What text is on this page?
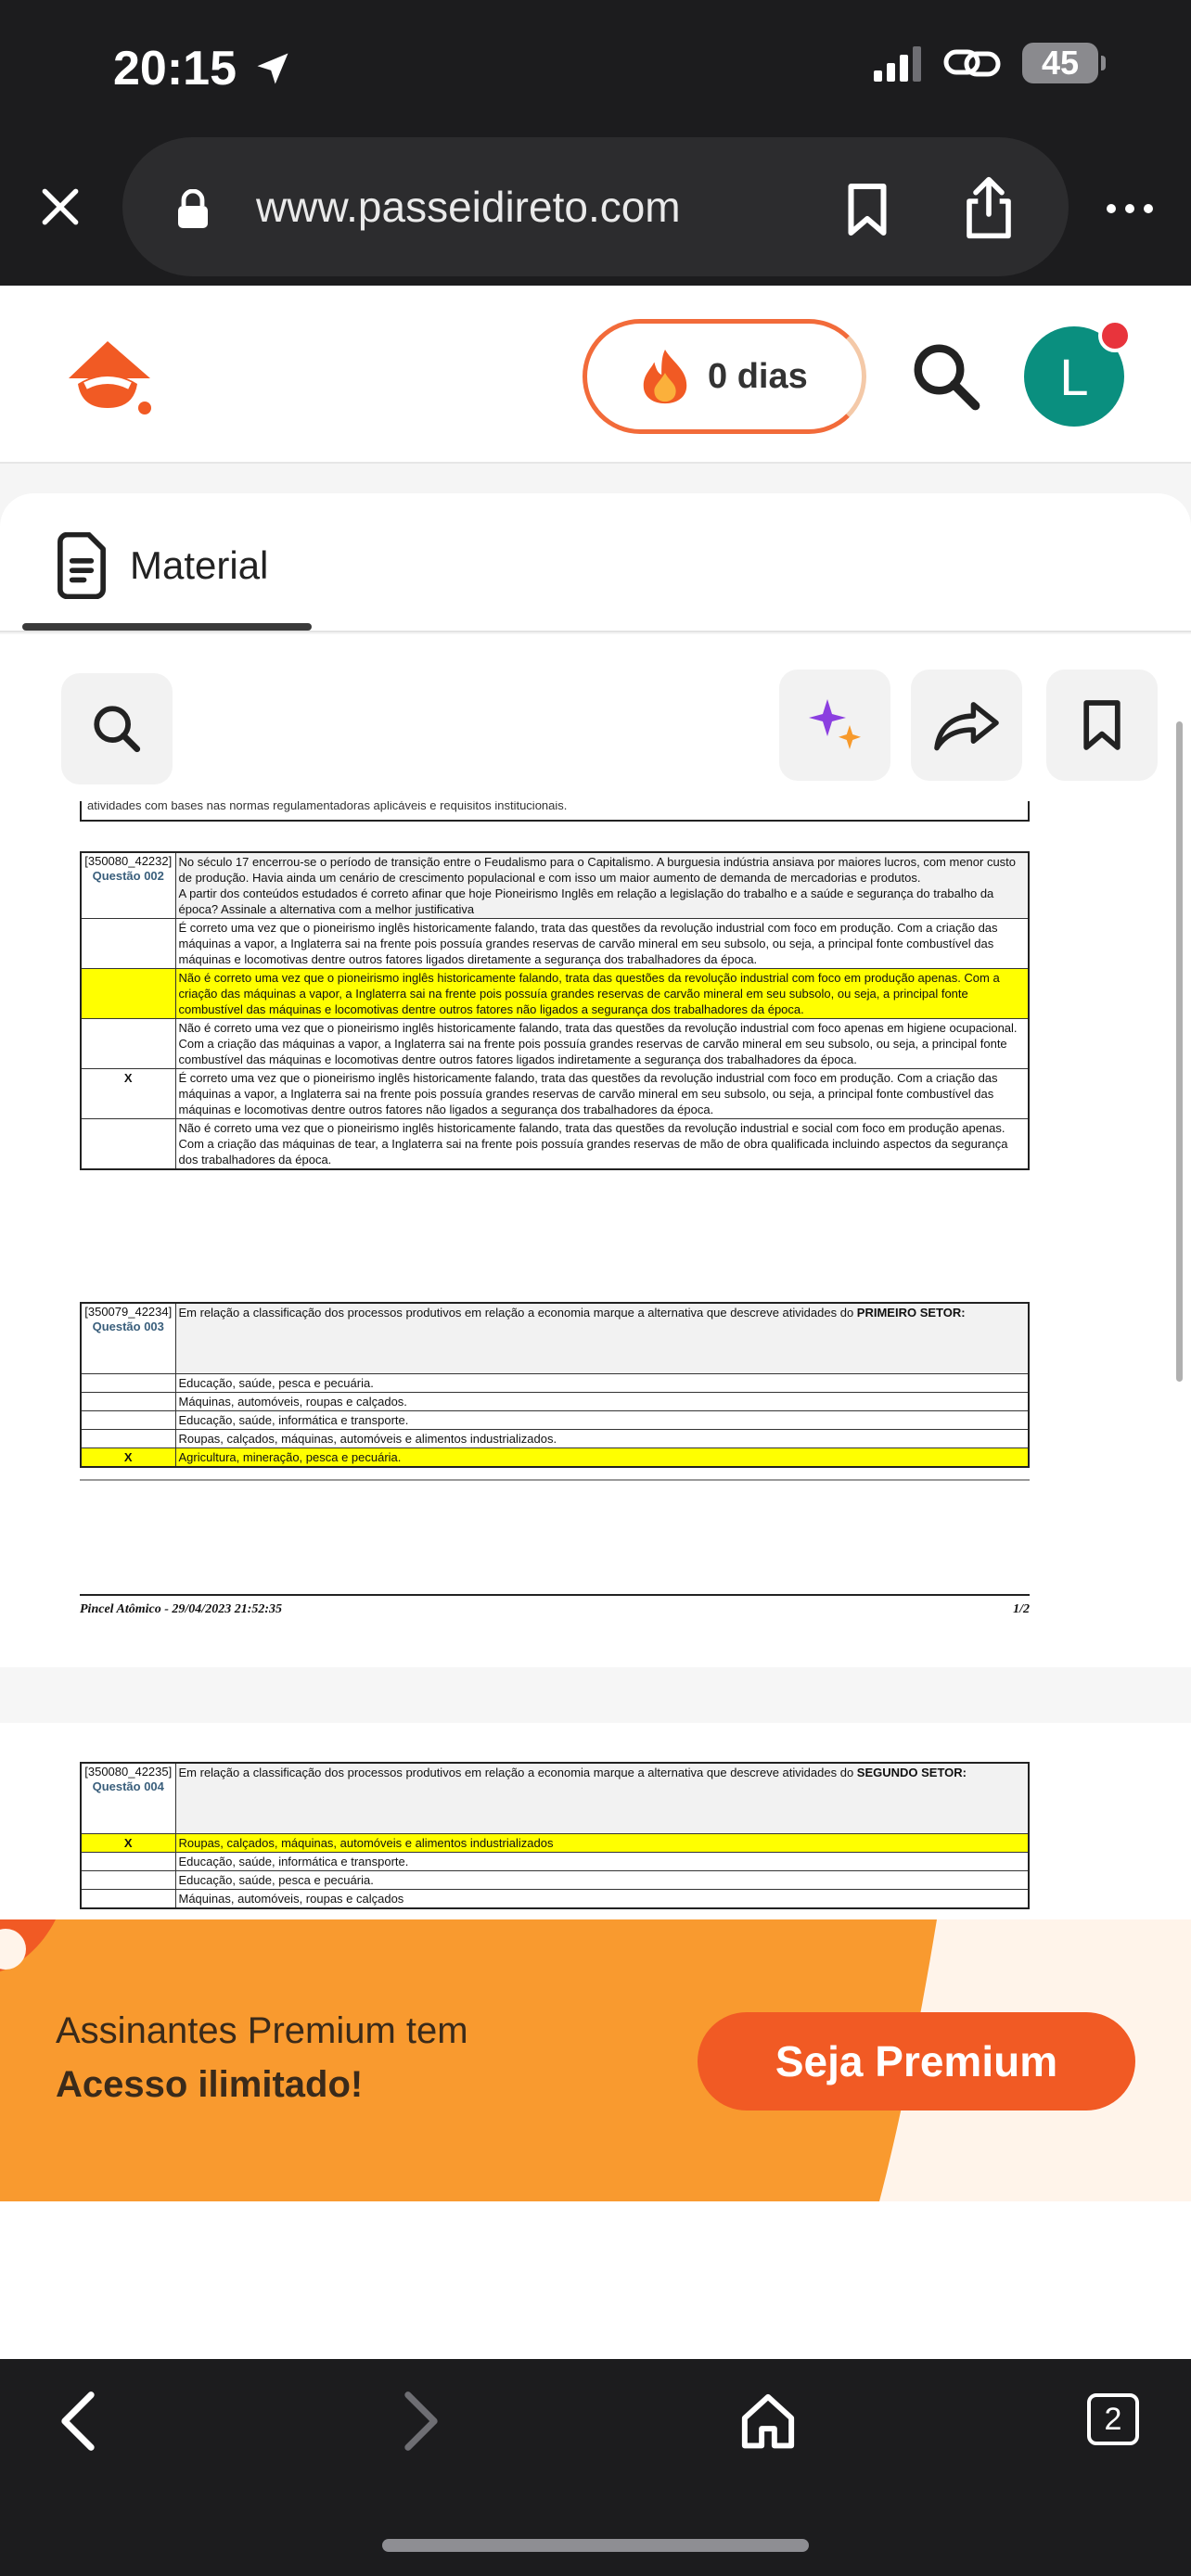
20:15	45
www.passeidireto.com
0 dias	L
Material
atividades com bases nas normas regulamentadoras aplicáveis e requisitos institucionais.
[350080_42232]
Questão 002	No século 17 encerrou-se o período de transição entre o Feudalismo para o Capitalismo. A burguesia indústria ansiava por maiores lucros, com menor custo de produção. Havia ainda um cenário de crescimento populacional e com isso um maior aumento de demanda de mercadorias e produtos.
A partir dos conteúdos estudados é correto afinar que hoje Pioneirismo Inglês em relação a legislação do trabalho e a saúde e segurança do trabalho da época? Assinale a alternativa com a melhor justificativa
	É correto uma vez que o pioneirismo inglês historicamente falando, trata das questões da revolução industrial com foco em produção. Com a criação das máquinas a vapor, a Inglaterra sai na frente pois possuía grandes reservas de carvão mineral em seu subsolo, ou seja, a principal fonte combustível das máquinas e locomotivas dentre outros fatores ligados diretamente a segurança dos trabalhadores da época.
	Não é correto uma vez que o pioneirismo inglês historicamente falando, trata das questões da revolução industrial com foco em produção apenas. Com a criação das máquinas a vapor, a Inglaterra sai na frente pois possuía grandes reservas de carvão mineral em seu subsolo, ou seja, a principal fonte combustível das máquinas e locomotivas dentre outros fatores não ligados a segurança dos trabalhadores da época.
	Não é correto uma vez que o pioneirismo inglês historicamente falando, trata das questões da revolução industrial com foco apenas em higiene ocupacional. Com a criação das máquinas a vapor, a Inglaterra sai na frente pois possuía grandes reservas de carvão mineral em seu subsolo, ou seja, a principal fonte combustível das máquinas e locomotivas dentre outros fatores ligados indiretamente a segurança dos trabalhadores da época.
X	É correto uma vez que o pioneirismo inglês historicamente falando, trata das questões da revolução industrial com foco em produção. Com a criação das máquinas a vapor, a Inglaterra sai na frente pois possuía grandes reservas de carvão mineral em seu subsolo, ou seja, a principal fonte combustível das máquinas e locomotivas dentre outros fatores não ligados a segurança dos trabalhadores da época.
	Não é correto uma vez que o pioneirismo inglês historicamente falando, trata das questões da revolução industrial e social com foco em produção apenas. Com a criação das máquinas de tear, a Inglaterra sai na frente pois possuía grandes reservas de mão de obra qualificada incluindo aspectos da segurança dos trabalhadores da época.
[350079_42234]
Questão 003	Em relação a classificação dos processos produtivos em relação a economia marque a alternativa que descreve atividades do PRIMEIRO SETOR:
	Educação, saúde, pesca e pecuária.
	Máquinas, automóveis, roupas e calçados.
	Educação, saúde, informática e transporte.
	Roupas, calçados, máquinas, automóveis e alimentos industrializados.
X	Agricultura, mineração, pesca e pecuária.
[350080_42235]
Questão 004	Em relação a classificação dos processos produtivos em relação a economia marque a alternativa que descreve atividades do SEGUNDO SETOR:
X	Roupas, calçados, máquinas, automóveis e alimentos industrializados
	Educação, saúde, informática e transporte.
	Educação, saúde, pesca e pecuária.
	Máquinas, automóveis, roupas e calçados
Pincel Atômico - 29/04/2023 21:52:35	1/2
Assinantes Premium tem
Acesso ilimitado!	Seja Premium
2
